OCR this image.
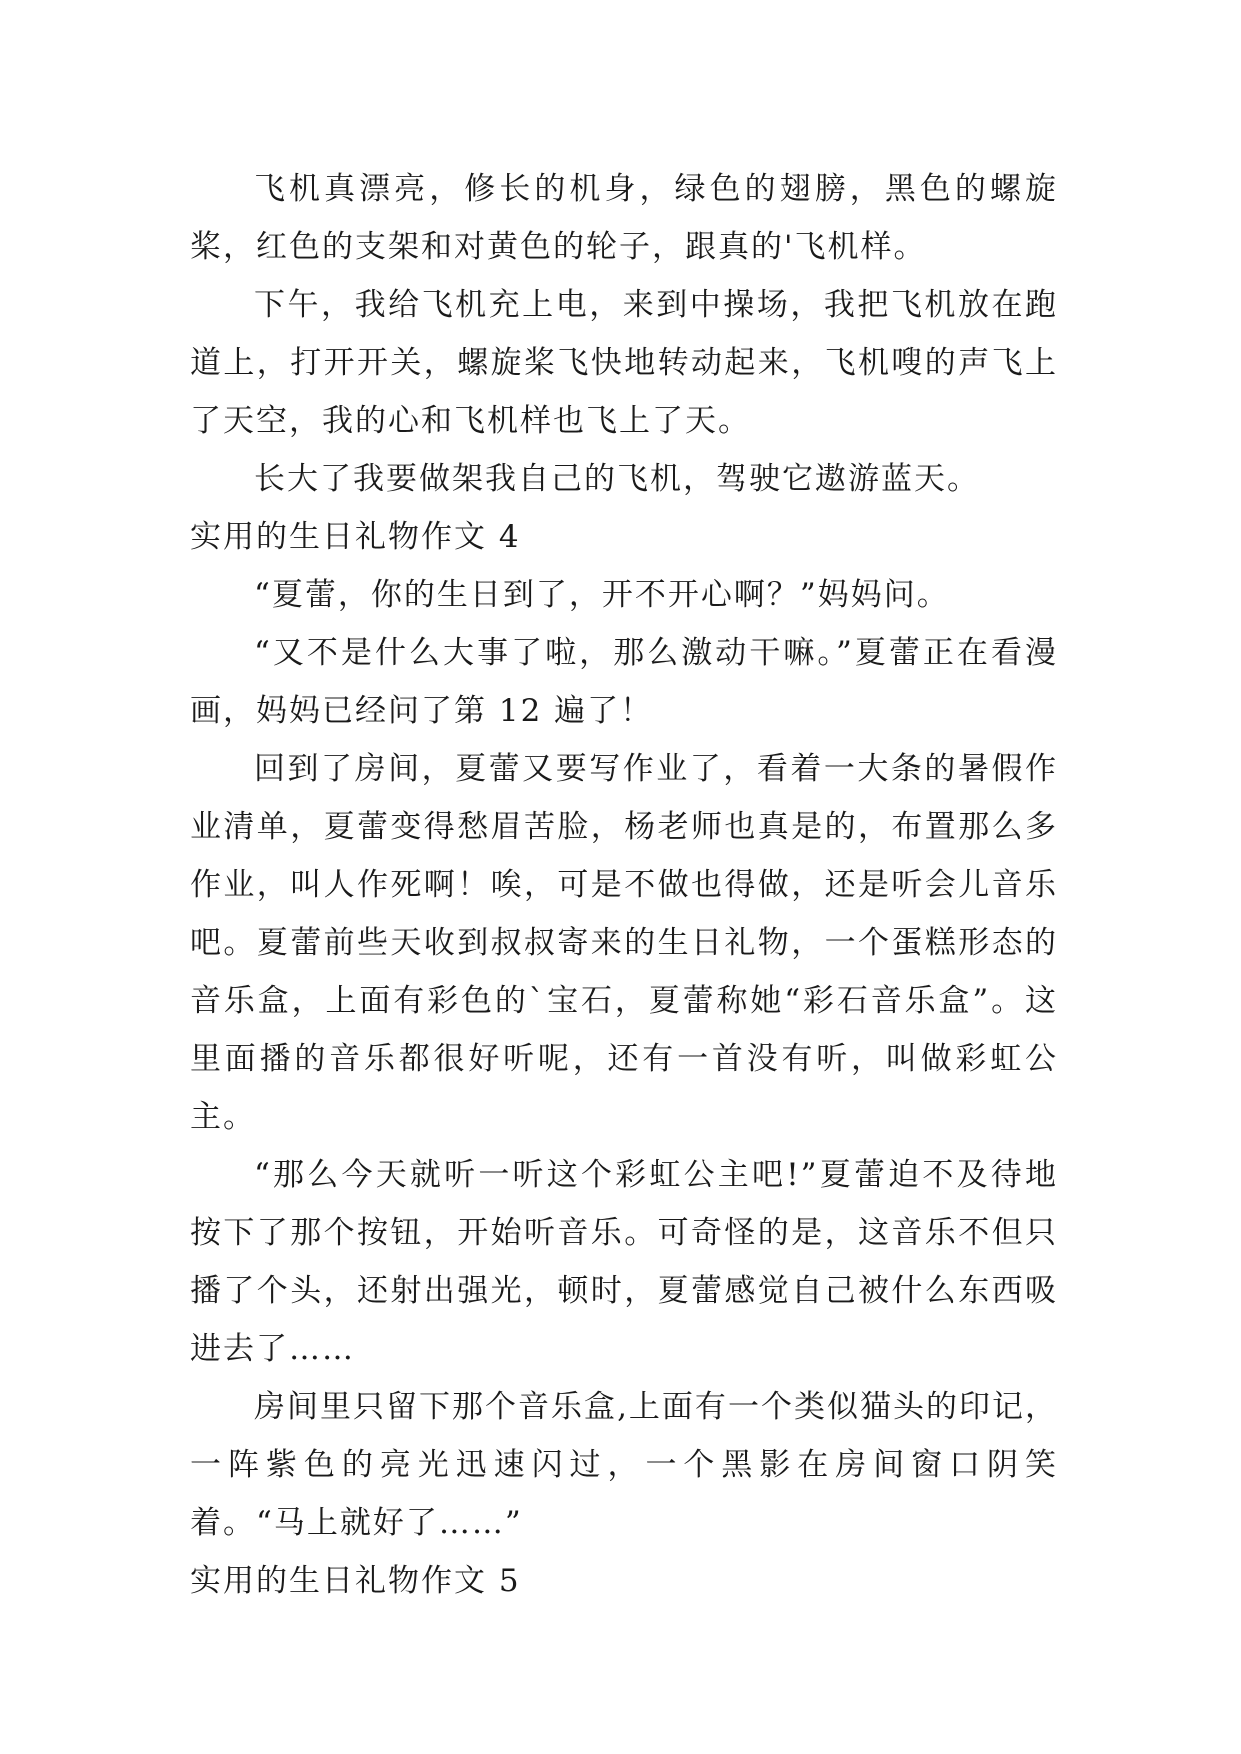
飞机真漂亮，修长的机身，绿色的翅膀，黑色的螺旋桨，红色的支架和对黄色的轮子，跟真的'飞机样。

下午，我给飞机充上电，来到中操场，我把飞机放在跑道上，打开开关，螺旋桨飞快地转动起来，飞机嗖的声飞上了天空，我的心和飞机样也飞上了天。

长大了我要做架我自己的飞机，驾驶它遨游蓝天。

实用的生日礼物作文 4

“夏蕾，你的生日到了，开不开心啊？”妈妈问。

“又不是什么大事了啦，那么激动干嘛。”夏蕾正在看漫画，妈妈已经问了第 12 遍了！

回到了房间，夏蕾又要写作业了，看着一大条的暑假作业清单，夏蕾变得愁眉苦脸，杨老师也真是的，布置那么多作业，叫人作死啊！唉，可是不做也得做，还是听会儿音乐吧。夏蕾前些天收到叔叔寄来的生日礼物，一个蛋糕形态的音乐盒，上面有彩色的`宝石，夏蕾称她“彩石音乐盒”。这里面播的音乐都很好听呢，还有一首没有听，叫做彩虹公主。

“那么今天就听一听这个彩虹公主吧!”夏蕾迫不及待地按下了那个按钮，开始听音乐。可奇怪的是，这音乐不但只播了个头，还射出强光，顿时，夏蕾感觉自己被什么东西吸进去了……

房间里只留下那个音乐盒,上面有一个类似猫头的印记，一阵紫色的亮光迅速闪过，一个黑影在房间窗口阴笑着。“马上就好了……”

实用的生日礼物作文 5
